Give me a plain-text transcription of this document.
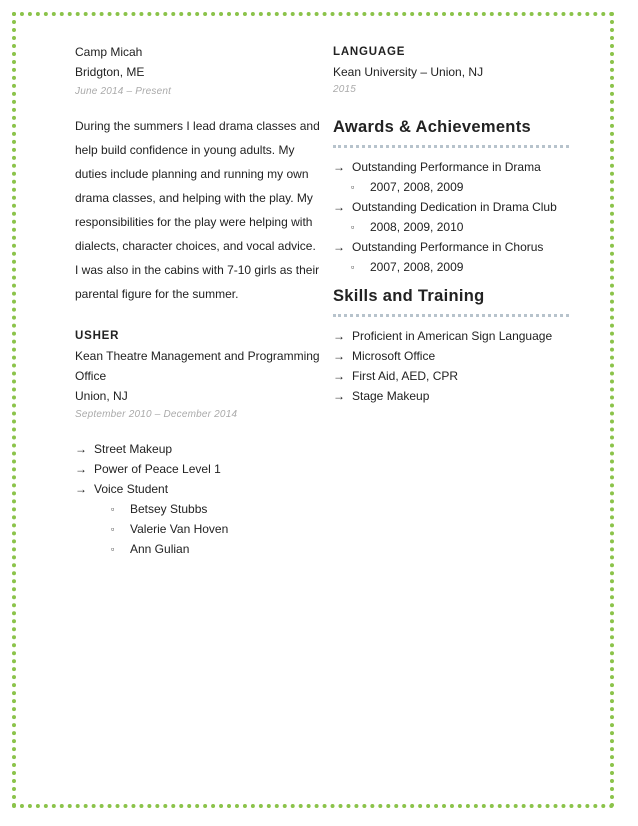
Camp Micah
Bridgton, ME
June 2014 – Present
During the summers I lead drama classes and help build confidence in young adults. My duties include planning and running my own drama classes, and helping with the play. My responsibilities for the play were helping with dialects, character choices, and vocal advice. I was also in the cabins with 7-10 girls as their parental figure for the summer.
USHER
Kean Theatre Management and Programming Office
Union, NJ
September 2010 – December 2014
→ Street Makeup
→ Power of Peace Level 1
→ Voice Student
▫ Betsey Stubbs
▫ Valerie Van Hoven
▫ Ann Gulian
LANGUAGE
Kean University – Union, NJ
2015
Awards & Achievements
→ Outstanding Performance in Drama
▫ 2007, 2008, 2009
→ Outstanding Dedication in Drama Club
▫ 2008, 2009, 2010
→ Outstanding Performance in Chorus
▫ 2007, 2008, 2009
Skills and Training
→ Proficient in American Sign Language
→ Microsoft Office
→ First Aid, AED, CPR
→ Stage Makeup
